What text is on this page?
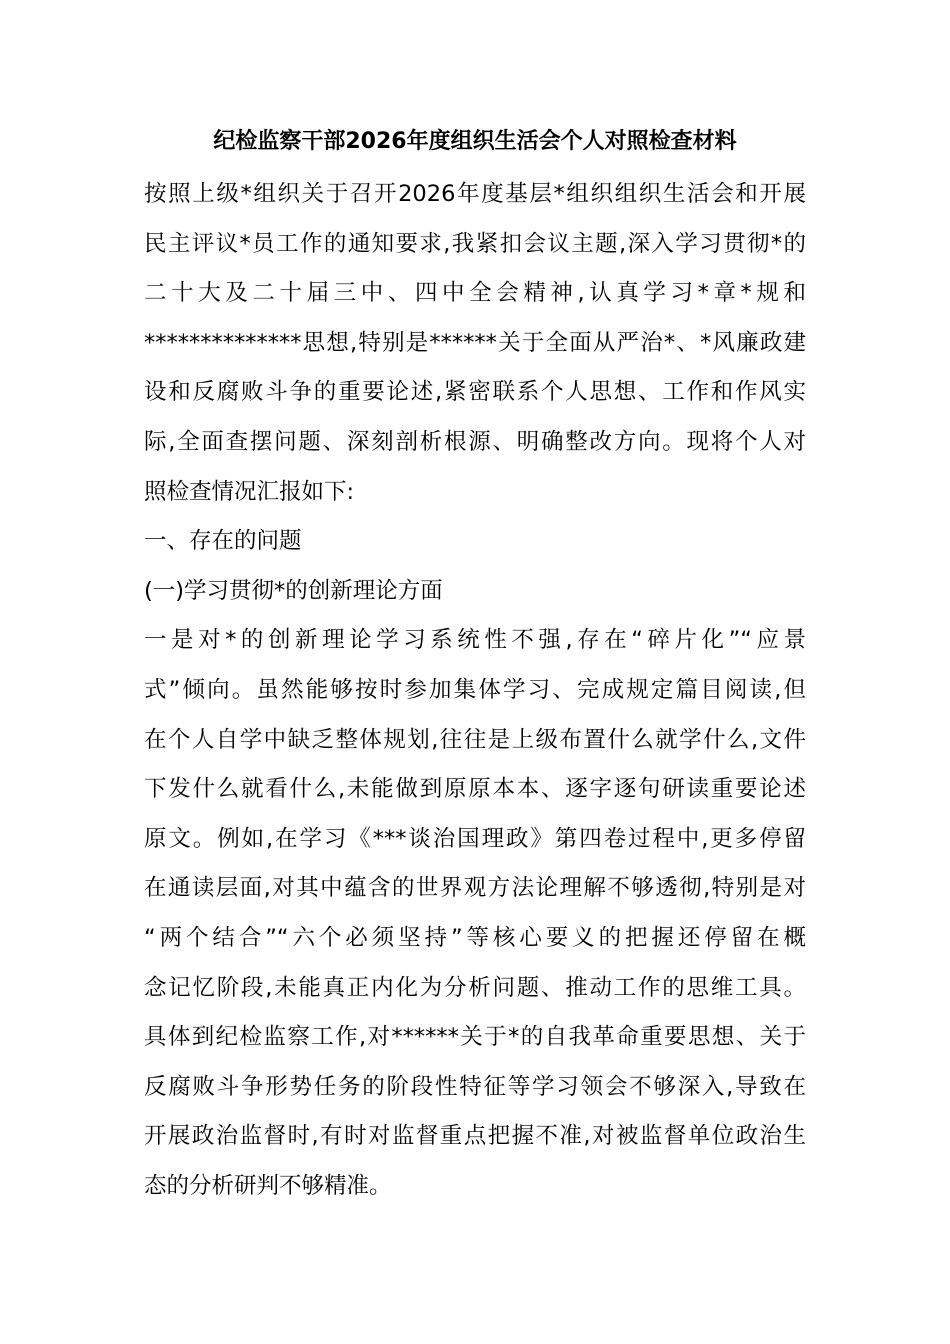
纪检监察干部2026年度组织生活会个人对照检查材料
按照上级*组织关于召开2026年度基层*组织组织生活会和开展
民主评议*员工作的通知要求,我紧扣会议主题,深入学习贯彻*的
二十大及二十届三中、四中全会精神,认真学习*章*规和
**************思想,特别是******关于全面从严治*、*风廉政建
设和反腐败斗争的重要论述,紧密联系个人思想、工作和作风实
际,全面查摆问题、深刻剖析根源、明确整改方向。现将个人对
照检查情况汇报如下:
一、存在的问题
(一)学习贯彻*的创新理论方面
一是对*的创新理论学习系统性不强,存在“碎片化”“应景
式”倾向。虽然能够按时参加集体学习、完成规定篇目阅读,但
在个人自学中缺乏整体规划,往往是上级布置什么就学什么,文件
下发什么就看什么,未能做到原原本本、逐字逐句研读重要论述
原文。例如,在学习《***谈治国理政》第四卷过程中,更多停留
在通读层面,对其中蕴含的世界观方法论理解不够透彻,特别是对
“两个结合”“六个必须坚持”等核心要义的把握还停留在概
念记忆阶段,未能真正内化为分析问题、推动工作的思维工具。
具体到纪检监察工作,对******关于*的自我革命重要思想、关于
反腐败斗争形势任务的阶段性特征等学习领会不够深入,导致在
开展政治监督时,有时对监督重点把握不准,对被监督单位政治生
态的分析研判不够精准。
